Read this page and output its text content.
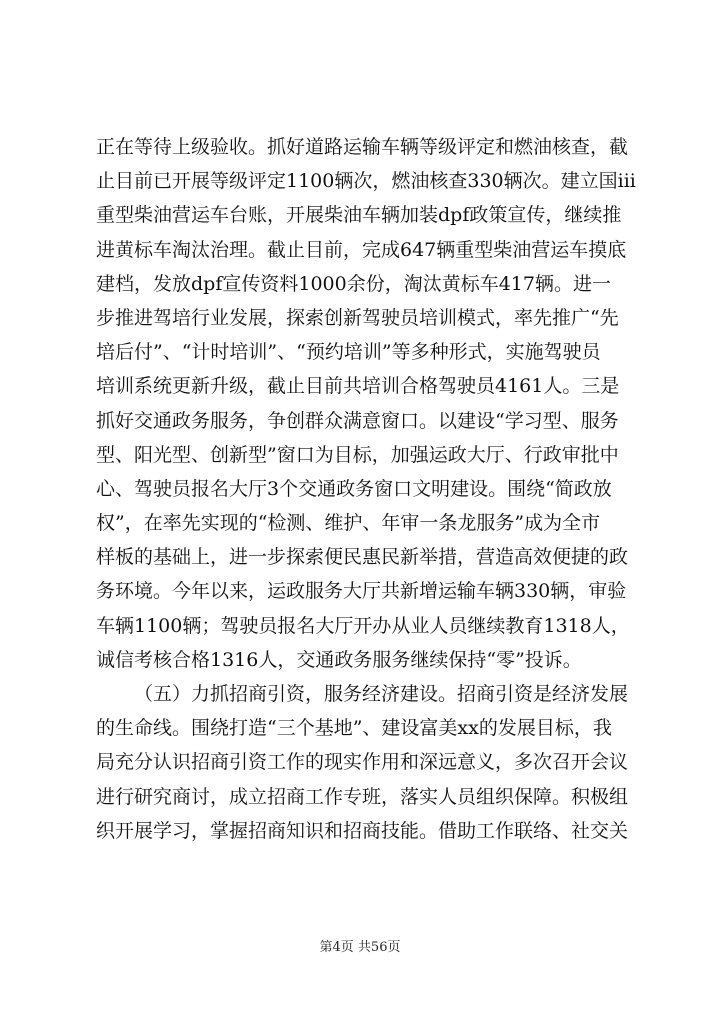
正在等待上级验收。抓好道路运输车辆等级评定和燃油核查，截
止目前已开展等级评定1100辆次，燃油核查330辆次。建立国iii
重型柴油营运车台账，开展柴油车辆加装dpf政策宣传，继续推
进黄标车淘汰治理。截止目前，完成647辆重型柴油营运车摸底
建档，发放dpf宣传资料1000余份，淘汰黄标车417辆。进一
步推进驾培行业发展，探索创新驾驶员培训模式，率先推广“先
培后付”、“计时培训”、“预约培训”等多种形式，实施驾驶员
培训系统更新升级，截止目前共培训合格驾驶员4161人。三是
抓好交通政务服务，争创群众满意窗口。以建设“学习型、服务
型、阳光型、创新型”窗口为目标，加强运政大厅、行政审批中
心、驾驶员报名大厅3个交通政务窗口文明建设。围绕“简政放
权”，在率先实现的“检测、维护、年审一条龙服务”成为全市
样板的基础上，进一步探索便民惠民新举措，营造高效便捷的政
务环境。今年以来，运政服务大厅共新增运输车辆330辆，审验
车辆1100辆；驾驶员报名大厅开办从业人员继续教育1318人，
诚信考核合格1316人，交通政务服务继续保持“零”投诉。
（五）力抓招商引资，服务经济建设。招商引资是经济发展
的生命线。围绕打造“三个基地”、建设富美xx的发展目标，我
局充分认识招商引资工作的现实作用和深远意义，多次召开会议
进行研究商讨，成立招商工作专班，落实人员组织保障。积极组
织开展学习，掌握招商知识和招商技能。借助工作联络、社交关
第4页 共56页
